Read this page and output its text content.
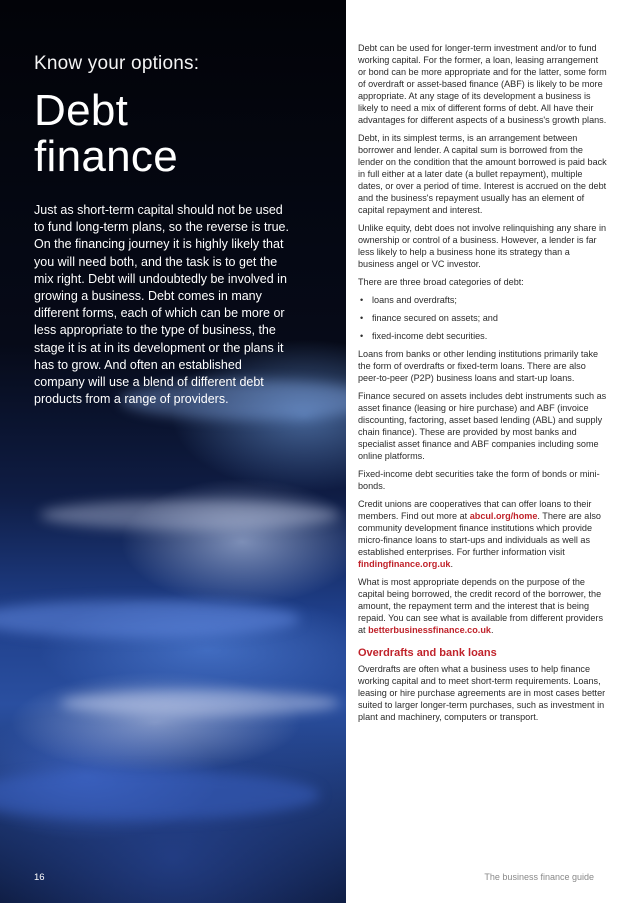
Know your options:
Debt
finance
Just as short-term capital should not be used to fund long-term plans, so the reverse is true. On the financing journey it is highly likely that you will need both, and the task is to get the mix right. Debt will undoubtedly be involved in growing a business. Debt comes in many different forms, each of which can be more or less appropriate to the type of business, the stage it is at in its development or the plans it has to grow. And often an established company will use a blend of different debt products from a range of providers.
16

Debt can be used for longer-term investment and/or to fund working capital. For the former, a loan, leasing arrangement or bond can be more appropriate and for the latter, some form of overdraft or asset-based finance (ABF) is likely to be more appropriate. At any stage of its development a business is likely to need a mix of different forms of debt. All have their advantages for different aspects of a business's growth plans.

Debt, in its simplest terms, is an arrangement between borrower and lender. A capital sum is borrowed from the lender on the condition that the amount borrowed is paid back in full either at a later date (a bullet repayment), multiple dates, or over a period of time. Interest is accrued on the debt and the business's repayment usually has an element of capital repayment and interest.

Unlike equity, debt does not involve relinquishing any share in ownership or control of a business. However, a lender is far less likely to help a business hone its strategy than a business angel or VC investor.

There are three broad categories of debt:

• loans and overdrafts;
• finance secured on assets; and
• fixed-income debt securities.

Loans from banks or other lending institutions primarily take the form of overdrafts or fixed-term loans. There are also peer-to-peer (P2P) business loans and start-up loans.

Finance secured on assets includes debt instruments such as asset finance (leasing or hire purchase) and ABF (invoice discounting, factoring, asset based lending (ABL) and supply chain finance). These are provided by most banks and specialist asset finance and ABF companies including some online platforms.

Fixed-income debt securities take the form of bonds or mini-bonds.

Credit unions are cooperatives that can offer loans to their members. Find out more at abcul.org/home. There are also community development finance institutions which provide micro-finance loans to start-ups and individuals as well as established enterprises. For further information visit findingfinance.org.uk.

What is most appropriate depends on the purpose of the capital being borrowed, the credit record of the borrower, the amount, the repayment term and the interest that is being repaid. You can see what is available from different providers at betterbusinessfinance.co.uk.

Overdrafts and bank loans

Overdrafts are often what a business uses to help finance working capital and to meet short-term requirements. Loans, leasing or hire purchase agreements are in most cases better suited to larger longer-term purchases, such as investment in plant and machinery, computers or transport.

The business finance guide
